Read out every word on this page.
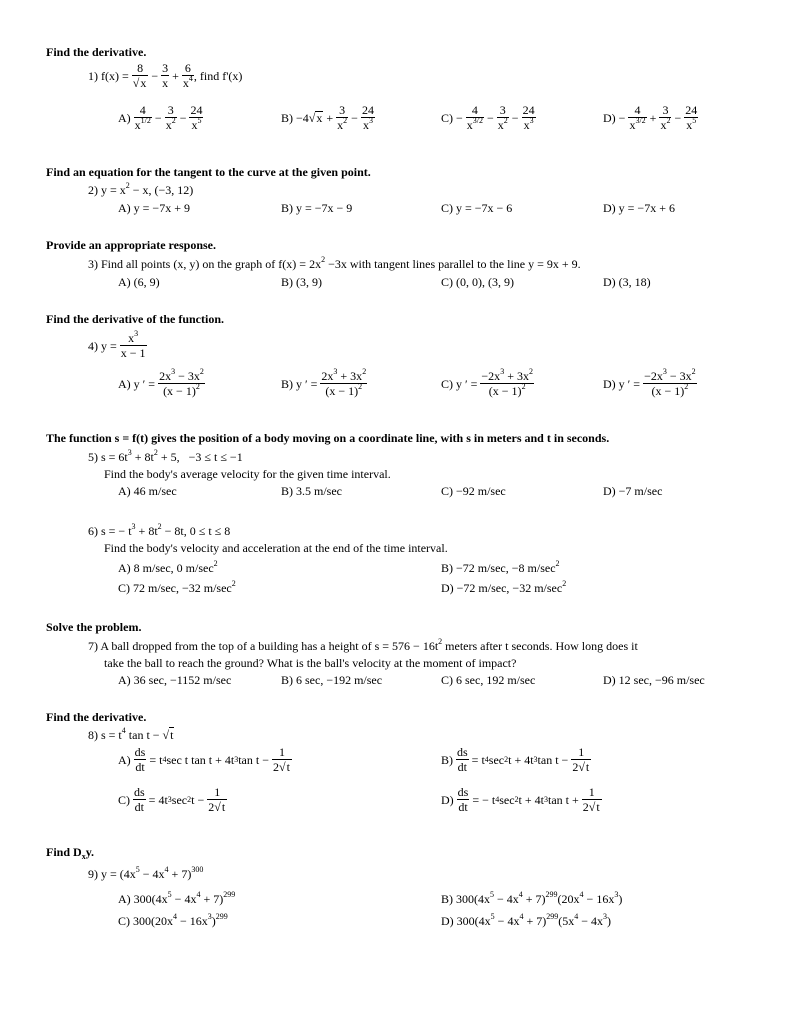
Find the derivative.
1) f(x) =
$\frac{8}{√x}$ −
3
x
+
6
$x^4$ , find f'(x)
A)

4
$x^{1/2}$ −
3
$x^2$ −
24
$x^5$	B) −4 √ x +
3
$x^2$ −
24
$x^3$	C) −
$\frac{4}{x^{3/2}}$ −
3
$x^2$ −
24
$x^3$	D) −
$\frac{4}{x^{3/2}}$ +
3
$x^2$ −
24
$x^5$
Find an equation for the tangent to the curve at the given point.
2) $y = x^2 - x$, (−3, 12)
A) y = −7x + 9	B) y = −7x − 9	C) y = −7x − 6	D) y = −7x + 6
Provide an appropriate response.
3) Find all points (x, y) on the graph of $f(x) = 2x^2 -3x$ with tangent lines parallel to the line y = 9x + 9.
A) (6, 9)	B) (3, 9)	C) (0, 0), (3, 9)	D) (3, 18)
Find the derivative of the function.
4) y =
$\frac{x^3}{x - 1}$
A) y ′ =
$\frac{2x^3 - 3x^2}{(x - 1)^2}$	B) y ′ =
$\frac{2x^3 + 3x^2}{(x - 1)^2}$	C) y ′ =
$\frac{-2x^3 + 3x^2}{(x - 1)^2}$	D) y ′ =
$\frac{-2x^3 - 3x^2}{(x - 1)^2}$
The function s = f(t) gives the position of a body moving on a coordinate line, with s in meters and t in seconds.
5) $s = 6t^3 + 8t^2 + 5$,   −3 ≤ t ≤ −1
Find the body's average velocity for the given time interval.
A) 46 m/sec	B) 3.5 m/sec	C) −92 m/sec	D) −7 m/sec
6) s = − $t^3 + 8t^2 - 8t$, 0 ≤ t ≤ 8
Find the body's velocity and acceleration at the end of the time interval.
A) 8 m/sec, 0 $m/\sec^2$	B) −72 m/sec, −8 $m/\sec^2$
C) 72 m/sec, −32 $m/\sec^2$	D) −72 m/sec, −32 $m/\sec^2$
Solve the problem.
7) A ball dropped from the top of a building has a height of $s = 576 - 16t^2$ meters after t seconds. How long does it
take the ball to reach the ground? What is the ball's velocity at the moment of impact?
A) 36 sec, −1152 m/sec	B) 6 sec, −192 m/sec	C) 6 sec, 192 m/sec	D) 12 sec, −96 m/sec
Find the derivative.
8) $s = t^4$ tan t − √t
A)

ds
dt
= t 4 sec t tan t + 4t 3 tan t −
1
2√t
B)

ds
dt
= t 4 sec 2 t + 4t 3 tan t −
1
2√t
C)

ds
dt
= 4t 3 sec 2 t −
1
2√t
D)

ds
dt
= − t 4 sec 2 t + 4t 3 tan t +
1
2√t
Find $D_xy$.
9) $y = (4x^5 - 4x^4 + 7)^{300}$
A) $300(4x^5 - 4x^4 + 7)^{299}$	B) $300(4x^5 - 4x^4 + 7)^{299}(20x^4 - 16x^3)$
C) $300(20x^4 - 16x^3)^{299}$	D) $300(4x^5 - 4x^4 + 7)^{299}(5x^4 - 4x^3)$
